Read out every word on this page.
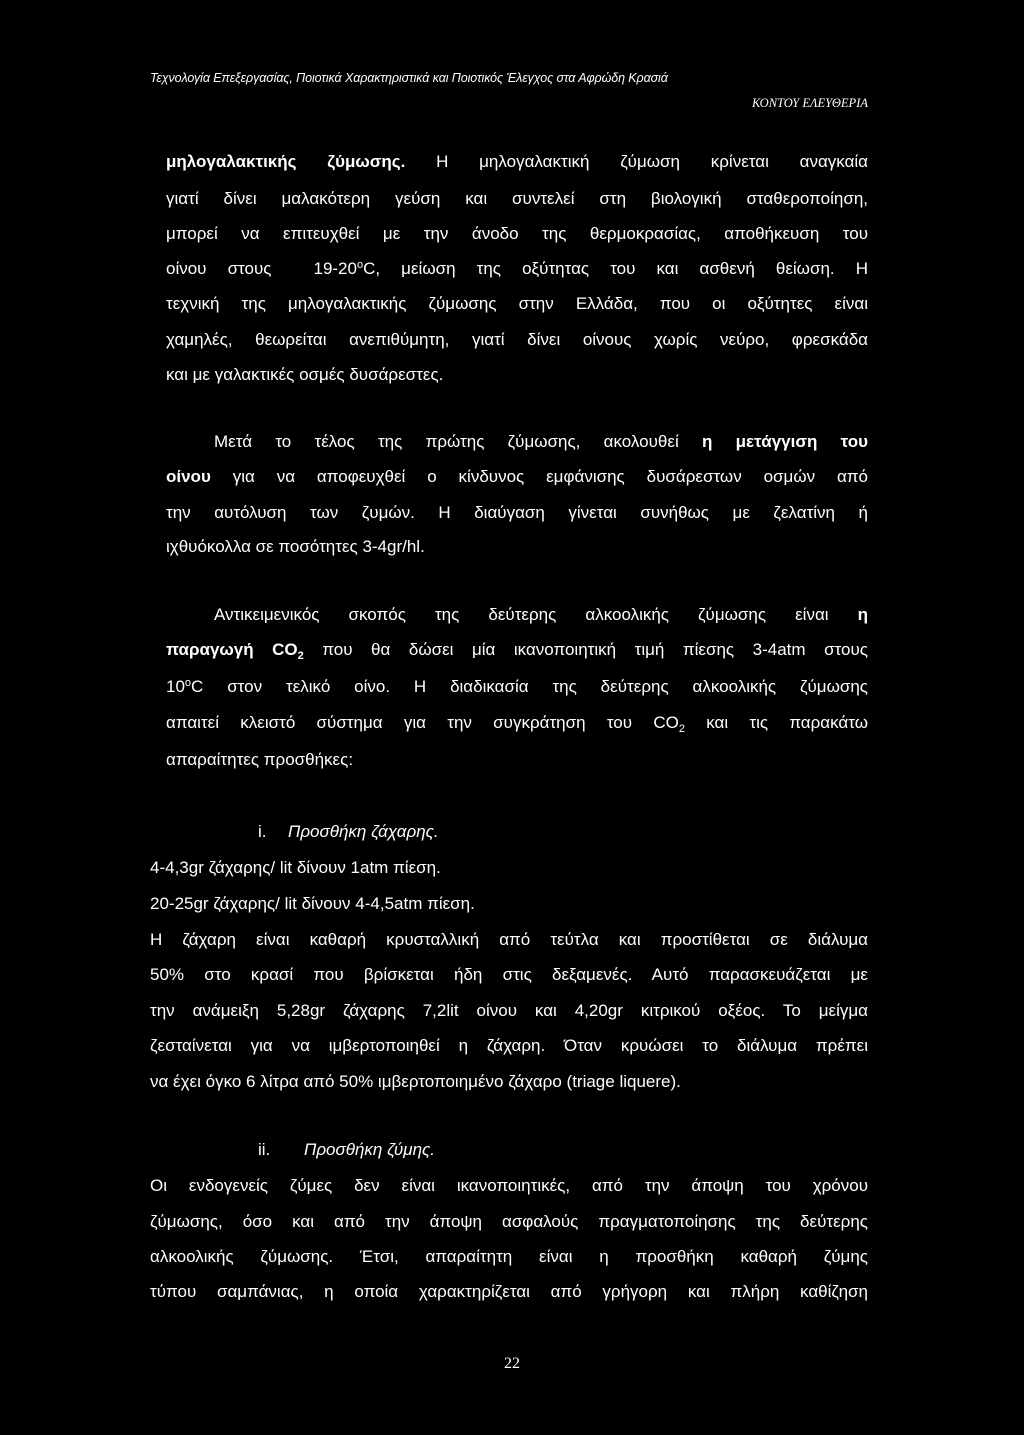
Τεχνολογία Επεξεργασίας, Ποιοτικά Χαρακτηριστικά και Ποιοτικός Έλεγχος στα Αφρώδη Κρασιά
ΚΟΝΤΟΥ ΕΛΕΥΘΕΡΙΑ
μηλογαλακτικής ζύμωσης. Η μηλογαλακτική ζύμωση κρίνεται αναγκαία
γιατί δίνει μαλακότερη γεύση και συντελεί στη βιολογική σταθεροποίηση,
μπορεί να επιτευχθεί με την άνοδο της θερμοκρασίας, αποθήκευση του
οίνου στους 19-20$^o$C, μείωση της οξύτητας του και ασθενή θείωση. Η
τεχνική της μηλογαλακτικής ζύμωσης στην Ελλάδα, που οι οξύτητες είναι
χαμηλές, θεωρείται ανεπιθύμητη, γιατί δίνει οίνους χωρίς νεύρο, φρεσκάδα
και με γαλακτικές οσμές δυσάρεστες.
Μετά το τέλος της πρώτης ζύμωσης, ακολουθεί η μετάγγιση του
οίνου για να αποφευχθεί ο κίνδυνος εμφάνισης δυσάρεστων οσμών από
την αυτόλυση των ζυμών. Η διαύγαση γίνεται συνήθως με ζελατίνη ή
ιχθυόκολλα σε ποσότητες 3-4gr/hl.
Αντικειμενικός σκοπός της δεύτερης αλκοολικής ζύμωσης είναι η
παραγωγή $CO_2$ που θα δώσει μία ικανοποιητική τιμή πίεσης 3-4atm στους
10$^o$C στον τελικό οίνο. Η διαδικασία της δεύτερης αλκοολικής ζύμωσης
απαιτεί κλειστό σύστημα για την συγκράτηση του $CO_2$ και τις παρακάτω
απαραίτητες προσθήκες:
i. Προσθήκη ζάχαρης.
4-4,3gr ζάχαρης/ lit δίνουν 1atm πίεση.
20-25gr ζάχαρης/ lit δίνουν 4-4,5atm πίεση.
Η ζάχαρη είναι καθαρή κρυσταλλική από τεύτλα και προστίθεται σε διάλυμα
50% στο κρασί που βρίσκεται ήδη στις δεξαμενές. Αυτό παρασκευάζεται με
την ανάμειξη 5,28gr ζάχαρης 7,2lit οίνου και 4,20gr κιτρικού οξέος. Το μείγμα
ζεσταίνεται για να ιμβερτοποιηθεί η ζάχαρη. Όταν κρυώσει το διάλυμα πρέπει
να έχει όγκο 6 λίτρα από 50% ιμβερτοποιημένο ζάχαρο (triage liquere).
ii. Προσθήκη ζύμης.
Οι ενδογενείς ζύμες δεν είναι ικανοποιητικές, από την άποψη του χρόνου
ζύμωσης, όσο και από την άποψη ασφαλούς πραγματοποίησης της δεύτερης
αλκοολικής ζύμωσης. Έτσι, απαραίτητη είναι η προσθήκη καθαρή ζύμης
τύπου σαμπάνιας, η οποία χαρακτηρίζεται από γρήγορη και πλήρη καθίζηση
22
